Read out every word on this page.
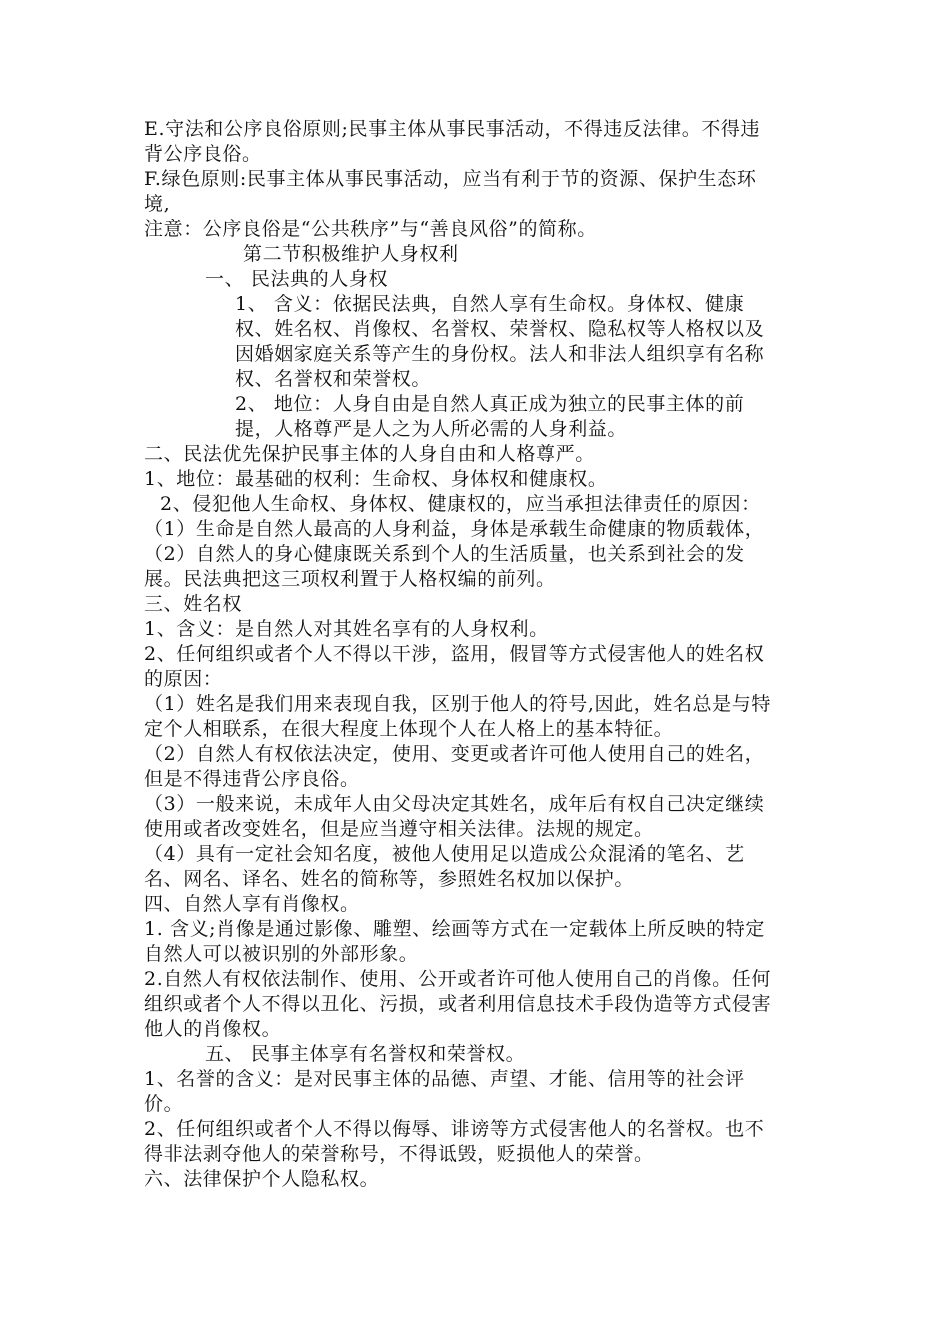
E.守法和公序良俗原则;民事主体从事民事活动，不得违反法律。不得违
背公序良俗。
F.绿色原则:民事主体从事民事活动，应当有利于节的资源、保护生态环
境,
注意：公序良俗是“公共秩序”与“善良风俗”的简称。
第二节积极维护人身权利
一、 民法典的人身权
1、 含义：依据民法典，自然人享有生命权。身体权、健康
权、姓名权、肖像权、名誉权、荣誉权、隐私权等人格权以及
因婚姻家庭关系等产生的身份权。法人和非法人组织享有名称
权、名誉权和荣誉权。
2、 地位：人身自由是自然人真正成为独立的民事主体的前
提，人格尊严是人之为人所必需的人身利益。
二、民法优先保护民事主体的人身自由和人格尊严。
1、地位：最基础的权利：生命权、身体权和健康权。
2、侵犯他人生命权、身体权、健康权的，应当承担法律责任的原因：
（1）生命是自然人最高的人身利益，身体是承载生命健康的物质载体，
（2）自然人的身心健康既关系到个人的生活质量，也关系到社会的发
展。民法典把这三项权利置于人格权编的前列。
三、姓名权
1、含义：是自然人对其姓名享有的人身权利。
2、任何组织或者个人不得以干涉，盗用，假冒等方式侵害他人的姓名权
的原因：
（1）姓名是我们用来表现自我，区别于他人的符号,因此，姓名总是与特
定个人相联系，在很大程度上体现个人在人格上的基本特征。
（2）自然人有权依法决定，使用、变更或者许可他人使用自己的姓名，
但是不得违背公序良俗。
（3）一般来说，未成年人由父母决定其姓名，成年后有权自己决定继续
使用或者改变姓名，但是应当遵守相关法律。法规的规定。
（4）具有一定社会知名度，被他人使用足以造成公众混淆的笔名、艺
名、网名、译名、姓名的简称等，参照姓名权加以保护。
四、自然人享有肖像权。
1. 含义;肖像是通过影像、雕塑、绘画等方式在一定载体上所反映的特定
自然人可以被识别的外部形象。
2.自然人有权依法制作、使用、公开或者许可他人使用自己的肖像。任何
组织或者个人不得以丑化、污损，或者利用信息技术手段伪造等方式侵害
他人的肖像权。
五、 民事主体享有名誉权和荣誉权。
1、名誉的含义：是对民事主体的品德、声望、才能、信用等的社会评
价。
2、任何组织或者个人不得以侮辱、诽谤等方式侵害他人的名誉权。也不
得非法剥夺他人的荣誉称号，不得诋毁，贬损他人的荣誉。
六、法律保护个人隐私权。
